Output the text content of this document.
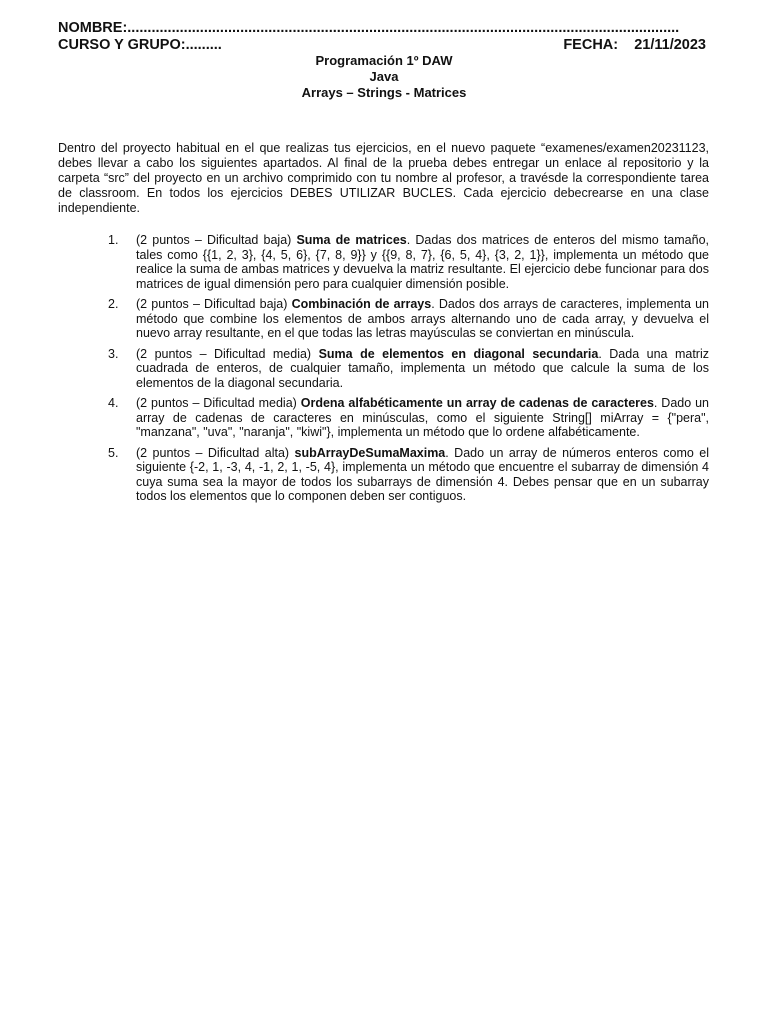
NOMBRE:.........................................................................................................................................
CURSO Y GRUPO:.........	FECHA: 21/11/2023
Programación 1º DAW
Java
Arrays – Strings - Matrices

Dentro del proyecto habitual en el que realizas tus ejercicios, en el nuevo paquete “examenes/examen20231123, debes llevar a cabo los siguientes apartados. Al final de la prueba debes entregar un enlace al repositorio y la carpeta “src” del proyecto en un archivo comprimido con tu nombre al profesor, a travésde la correspondiente tarea de classroom. En todos los ejercicios DEBES UTILIZAR BUCLES. Cada ejercicio debecrearse en una clase independiente.

1. (2 puntos – Dificultad baja) Suma de matrices. Dadas dos matrices de enteros del mismo tamaño, tales como {{1, 2, 3}, {4, 5, 6}, {7, 8, 9}} y {{9, 8, 7}, {6, 5, 4}, {3, 2, 1}}, implementa un método que realice la suma de ambas matrices y devuelva la matriz resultante. El ejercicio debe funcionar para dos matrices de igual dimensión pero para cualquier dimensión posible.
2. (2 puntos – Dificultad baja) Combinación de arrays. Dados dos arrays de caracteres, implementa un método que combine los elementos de ambos arrays alternando uno de cada array, y devuelva el nuevo array resultante, en el que todas las letras mayúsculas se conviertan en minúscula.
3. (2 puntos – Dificultad media) Suma de elementos en diagonal secundaria. Dada una matriz cuadrada de enteros, de cualquier tamaño, implementa un método que calcule la suma de los elementos de la diagonal secundaria.
4. (2 puntos – Dificultad media) Ordena alfabéticamente un array de cadenas de caracteres. Dado un array de cadenas de caracteres en minúsculas, como el siguiente String[] miArray = {"pera", "manzana", "uva", "naranja", "kiwi"}, implementa un método que lo ordene alfabéticamente.
5. (2 puntos – Dificultad alta) subArrayDeSumaMaxima. Dado un array de números enteros como el siguiente {-2, 1, -3, 4, -1, 2, 1, -5, 4}, implementa un método que encuentre el subarray de dimensión 4 cuya suma sea la mayor de todos los subarrays de dimensión 4. Debes pensar que en un subarray todos los elementos que lo componen deben ser contiguos.
